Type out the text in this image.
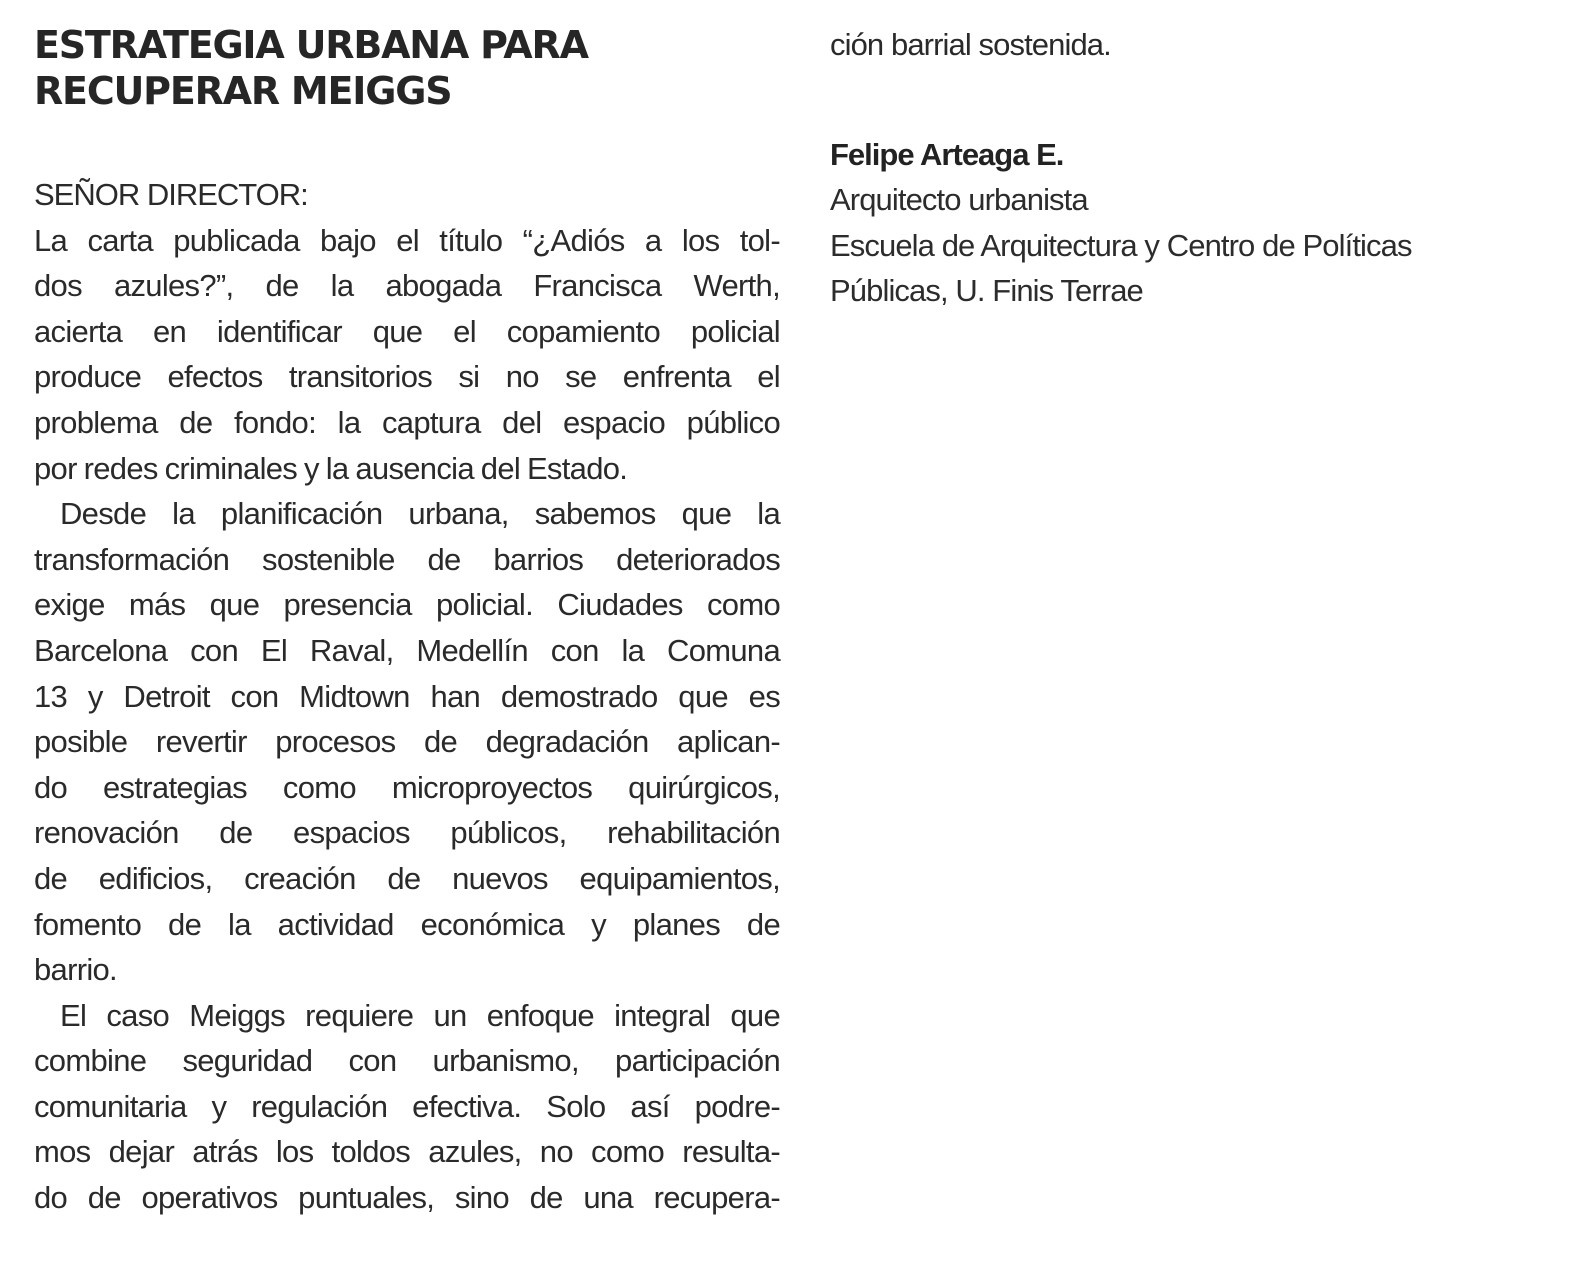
ESTRATEGIA URBANA PARA
RECUPERAR MEIGGS

SEÑOR DIRECTOR:

La carta publicada bajo el título “¿Adiós a los tol-
dos azules?”, de la abogada Francisca Werth,
acierta en identificar que el copamiento policial
produce efectos transitorios si no se enfrenta el
problema de fondo: la captura del espacio público
por redes criminales y la ausencia del Estado.

Desde la planificación urbana, sabemos que la
transformación sostenible de barrios deteriorados
exige más que presencia policial. Ciudades como
Barcelona con El Raval, Medellín con la Comuna
13 y Detroit con Midtown han demostrado que es
posible revertir procesos de degradación aplican-
do estrategias como microproyectos quirúrgicos,
renovación de espacios públicos, rehabilitación
de edificios, creación de nuevos equipamientos,
fomento de la actividad económica y planes de
barrio.

El caso Meiggs requiere un enfoque integral que
combine seguridad con urbanismo, participación
comunitaria y regulación efectiva. Solo así podre-
mos dejar atrás los toldos azules, no como resulta-
do de operativos puntuales, sino de una recupera-

ción barrial sostenida.

Felipe Arteaga E.

Arquitecto urbanista
Escuela de Arquitectura y Centro de Políticas
Públicas, U. Finis Terrae
